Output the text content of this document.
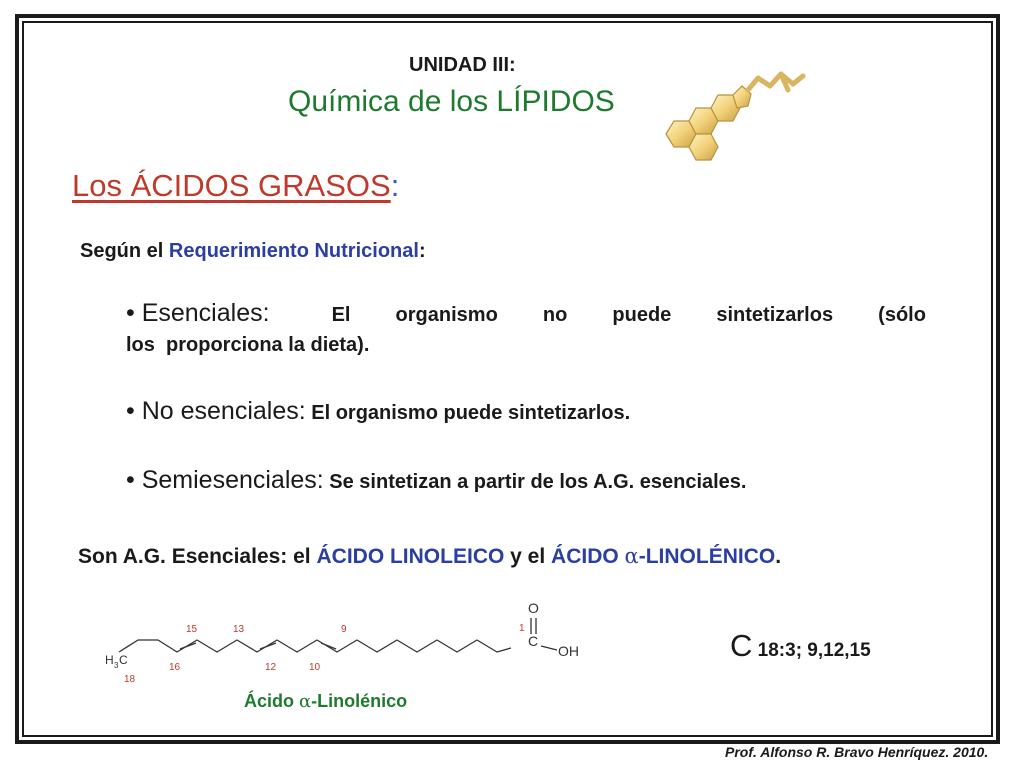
UNIDAD III:
Química de los LÍPIDOS
Los ÁCIDOS GRASOS:
Según el Requerimiento Nutricional:
• Esenciales:	El organismo no puede sintetizarlos (sólo
los  proporciona la dieta).
• No esenciales: El organismo puede sintetizarlos.
• Semiesenciales: Se sintetizan a partir de los A.G. esenciales.
Son A.G. Esenciales: el ÁCIDO LINOLEICO y el ÁCIDO α-LINOLÉNICO.
H 3 C
O
C
OH
1
9
10
12
13
15
16
18
C 18:3; 9,12,15
Ácido α-Linolénico
Prof. Alfonso R. Bravo Henríquez. 2010.
